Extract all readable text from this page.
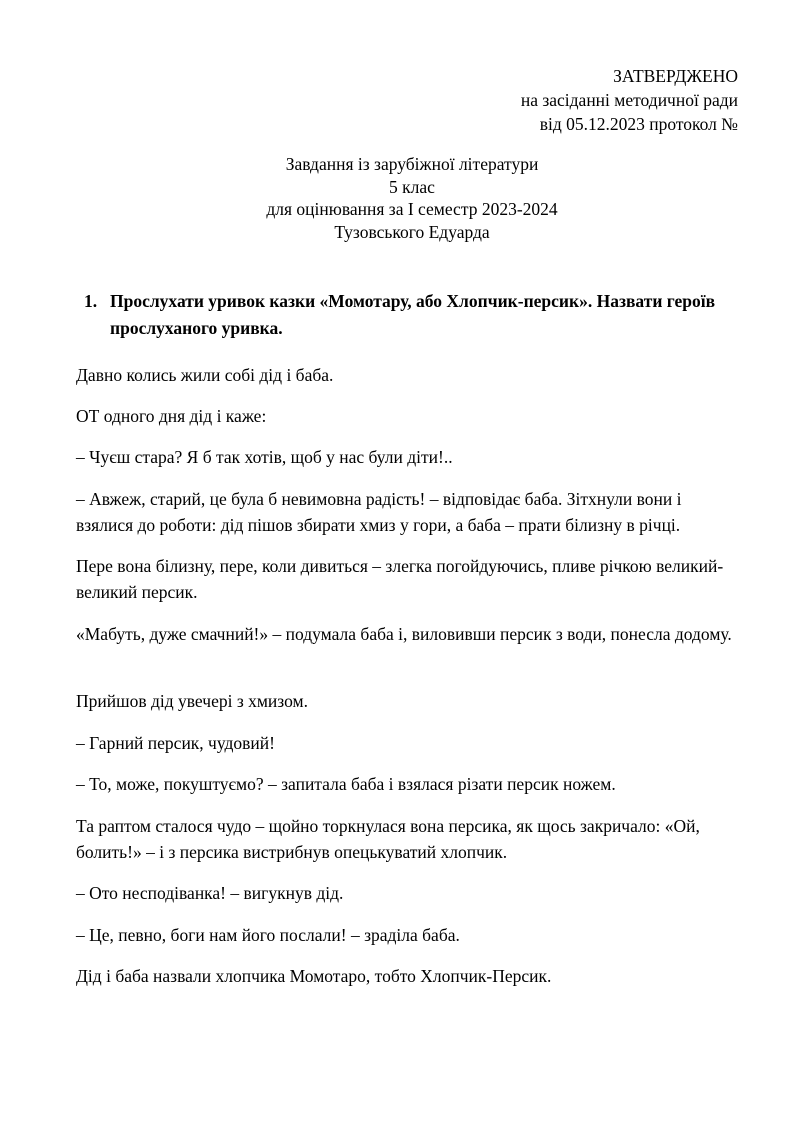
ЗАТВЕРДЖЕНО
на засіданні методичної ради
від 05.12.2023 протокол №
Завдання із зарубіжної літератури
5 клас
для оцінювання за І семестр 2023-2024
Тузовського Едуарда
1. Прослухати уривок казки «Момотару, або Хлопчик-персик». Назвати героїв прослуханого уривка.

Давно колись жили собі дід і баба.

ОТ одного дня дід і каже:

– Чуєш стара? Я б так хотів, щоб у нас були діти!..

– Авжеж, старий, це була б невимовна радість! – відповідає баба. Зітхнули вони і взялися до роботи: дід пішов збирати хмиз у гори, а баба – прати білизну в річці.

Пере вона білизну, пере, коли дивиться – злегка погойдуючись, пливе річкою великий-великий персик.

«Мабуть, дуже смачний!» – подумала баба і, виловивши персик з води, понесла додому.

Прийшов дід увечері з хмизом.

– Гарний персик, чудовий!

– То, може, покуштуємо? – запитала баба і взялася різати персик ножем.

Та раптом сталося чудо – щойно торкнулася вона персика, як щось закричало: «Ой, болить!» – і з персика вистрибнув опецькуватий хлопчик.

– Ото несподіванка! – вигукнув дід.

– Це, певно, боги нам його послали! – зраділа баба.

Дід і баба назвали хлопчика Момотаро, тобто Хлопчик-Персик.
